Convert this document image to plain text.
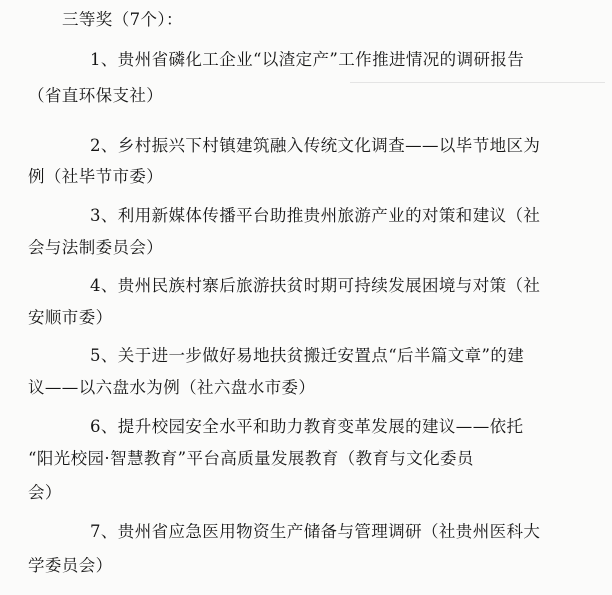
三等奖（7个）：
1、贵州省磷化工企业“以渣定产”工作推进情况的调研报告
（省直环保支社）
2、乡村振兴下村镇建筑融入传统文化调查——以毕节地区为
例（社毕节市委）
3、利用新媒体传播平台助推贵州旅游产业的对策和建议（社
会与法制委员会）
4、贵州民族村寨后旅游扶贫时期可持续发展困境与对策（社
安顺市委）
5、关于进一步做好易地扶贫搬迁安置点“后半篇文章”的建
议——以六盘水为例（社六盘水市委）
6、提升校园安全水平和助力教育变革发展的建议——依托
“阳光校园·智慧教育”平台高质量发展教育（教育与文化委员
会）
7、贵州省应急医用物资生产储备与管理调研（社贵州医科大
学委员会）
